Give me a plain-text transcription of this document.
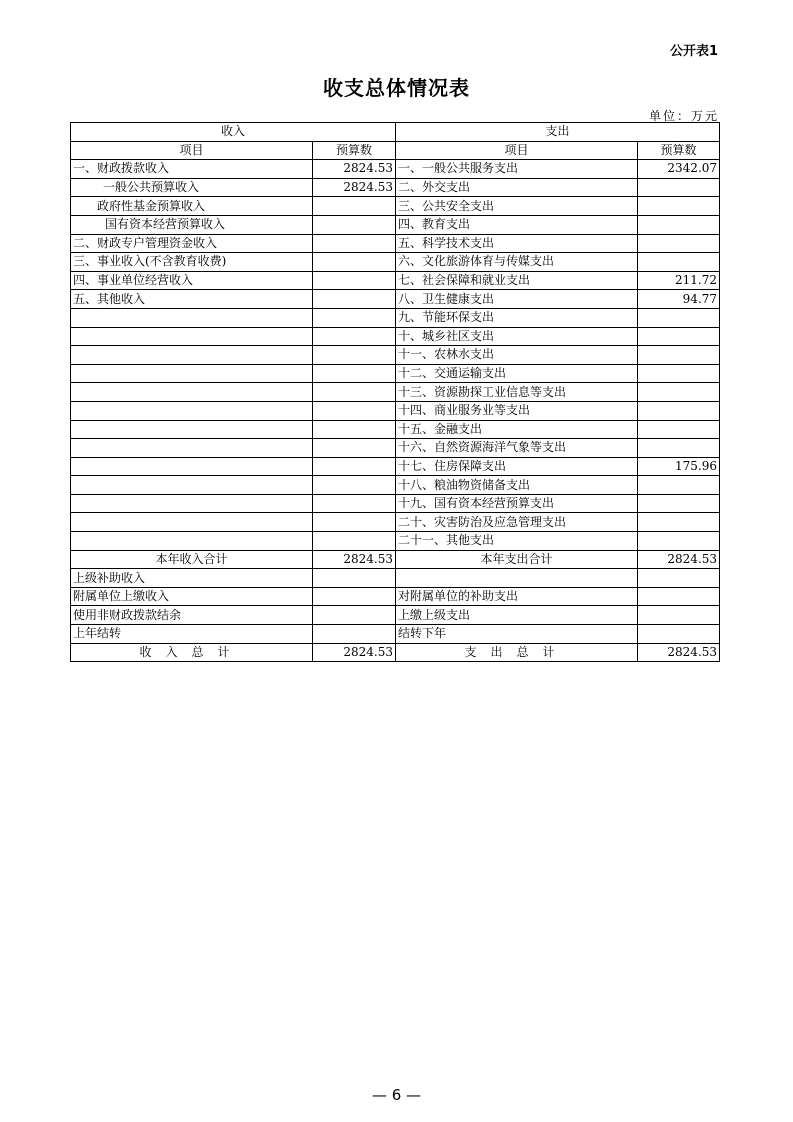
公开表1
收支总体情况表
单位：万元
收入		支出	
项目	预算数	项目	预算数
一、财政拨款收入	2824.53	一、一般公共服务支出	2342.07
一般公共预算收入	2824.53	二、外交支出	
政府性基金预算收入		三、公共安全支出	
国有资本经营预算收入		四、教育支出	
二、财政专户管理资金收入		五、科学技术支出	
三、事业收入(不含教育收费)		六、文化旅游体育与传媒支出	
四、事业单位经营收入		七、社会保障和就业支出	211.72
五、其他收入		八、卫生健康支出	94.77
		九、节能环保支出	
		十、城乡社区支出	
		十一、农林水支出	
		十二、交通运输支出	
		十三、资源勘探工业信息等支出	
		十四、商业服务业等支出	
		十五、金融支出	
		十六、自然资源海洋气象等支出	
		十七、住房保障支出	175.96
		十八、粮油物资储备支出	
		十九、国有资本经营预算支出	
		二十、灾害防治及应急管理支出	
		二十一、其他支出	
本年收入合计	2824.53	本年支出合计	2824.53
上级补助收入			
附属单位上缴收入		对附属单位的补助支出	
使用非财政拨款结余		上缴上级支出	
上年结转		结转下年	
收入总计	2824.53	支出总计	2824.53
— 6 —
